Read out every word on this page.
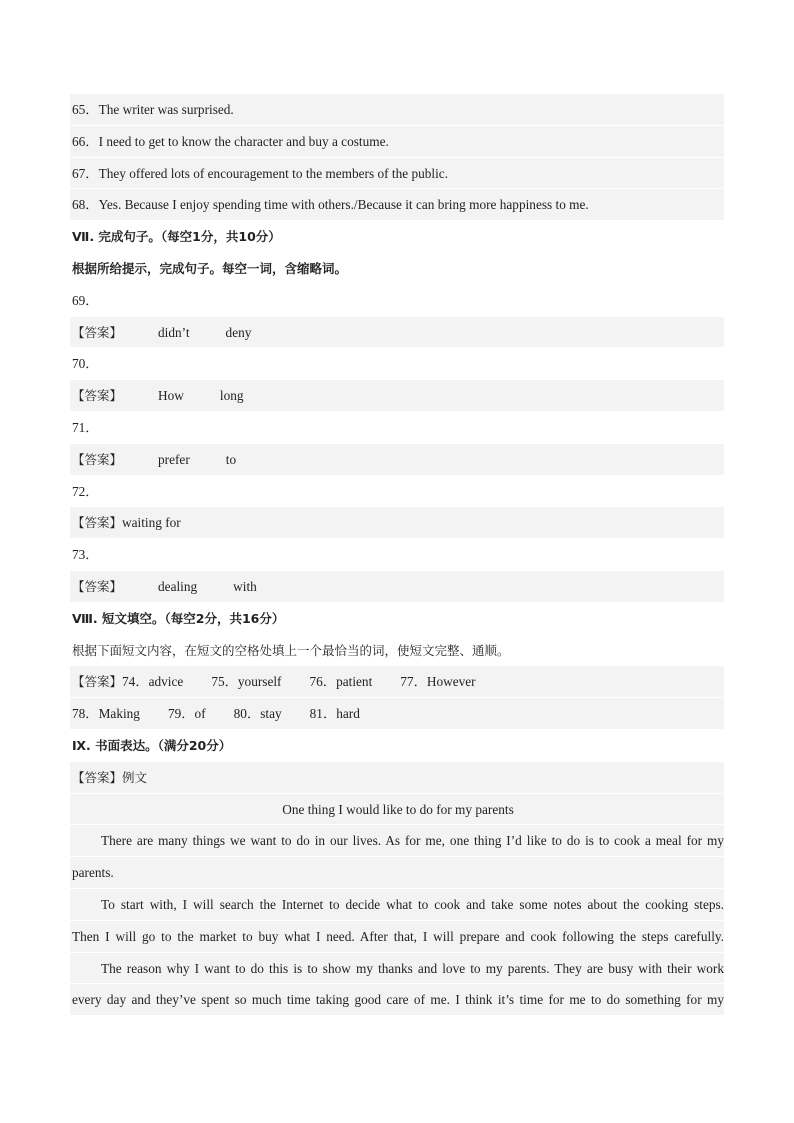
65．The writer was surprised.
66．I need to get to know the character and buy a costume.
67．They offered lots of encouragement to the members of the public.
68．Yes. Because I enjoy spending time with others./Because it can bring more happiness to me.
Ⅶ. 完成句子。（每空1分，共10分）
根据所给提示，完成句子。每空一词，含缩略词。
69．
【答案】	didn’t	deny
70．
【答案】	How	long
71．
【答案】	prefer	to
72．
【答案】waiting for
73．
【答案】	dealing	with
Ⅷ. 短文填空。（每空2分，共16分）
根据下面短文内容，在短文的空格处填上一个最恰当的词，使短文完整、通顺。
【答案】74．advice 75．yourself 76．patient 77．However
78．Making 79．of 80．stay 81．hard
Ⅸ. 书面表达。（满分20分）
【答案】例文
One thing I would like to do for my parents
There are many things we want to do in our lives. As for me, one thing I’d like to do is to cook a meal for my
parents.
To start with, I will search the Internet to decide what to cook and take some notes about the cooking steps.
Then I will go to the market to buy what I need. After that, I will prepare and cook following the steps carefully.
The reason why I want to do this is to show my thanks and love to my parents. They are busy with their work
every day and they’ve spent so much time taking good care of me. I think it’s time for me to do something for my
